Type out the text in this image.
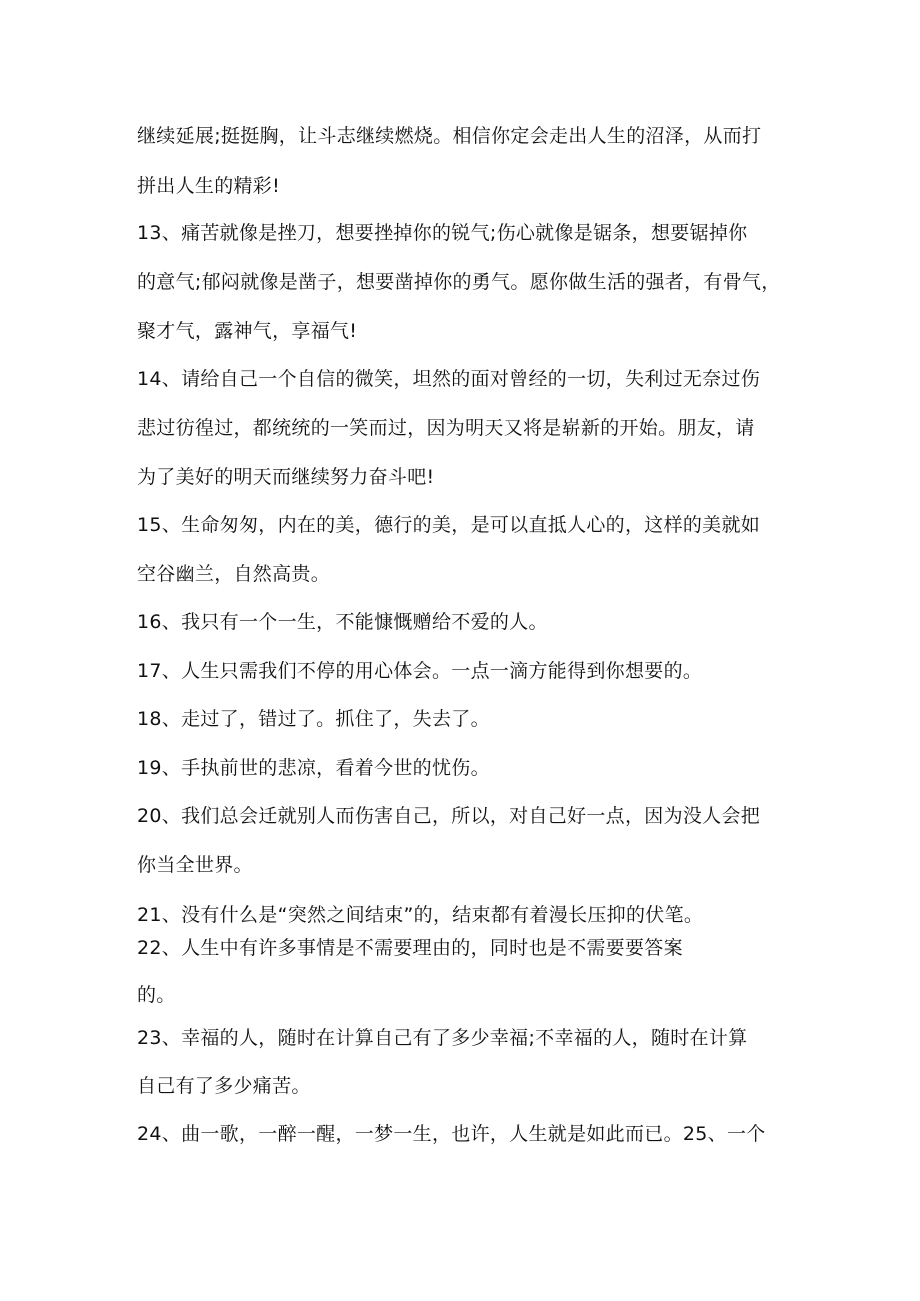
继续延展;挺挺胸，让斗志继续燃烧。相信你定会走出人生的沼泽，从而打
拼出人生的精彩!
13、痛苦就像是挫刀，想要挫掉你的锐气;伤心就像是锯条，想要锯掉你
的意气;郁闷就像是凿子，想要凿掉你的勇气。愿你做生活的强者，有骨气，
聚才气，露神气，享福气!
14、请给自己一个自信的微笑，坦然的面对曾经的一切，失利过无奈过伤
悲过彷徨过，都统统的一笑而过，因为明天又将是崭新的开始。朋友，请
为了美好的明天而继续努力奋斗吧!
15、生命匆匆，内在的美，德行的美，是可以直抵人心的，这样的美就如
空谷幽兰，自然高贵。
16、我只有一个一生，不能慷慨赠给不爱的人。
17、人生只需我们不停的用心体会。一点一滴方能得到你想要的。
18、走过了，错过了。抓住了，失去了。
19、手执前世的悲凉，看着今世的忧伤。
20、我们总会迁就别人而伤害自己，所以，对自己好一点，因为没人会把
你当全世界。
21、没有什么是“突然之间结束”的，结束都有着漫长压抑的伏笔。
22、人生中有许多事情是不需要理由的，同时也是不需要要答案
的。
23、幸福的人，随时在计算自己有了多少幸福;不幸福的人，随时在计算
自己有了多少痛苦。
24、曲一歌，一醉一醒，一梦一生，也许，人生就是如此而已。25、一个
